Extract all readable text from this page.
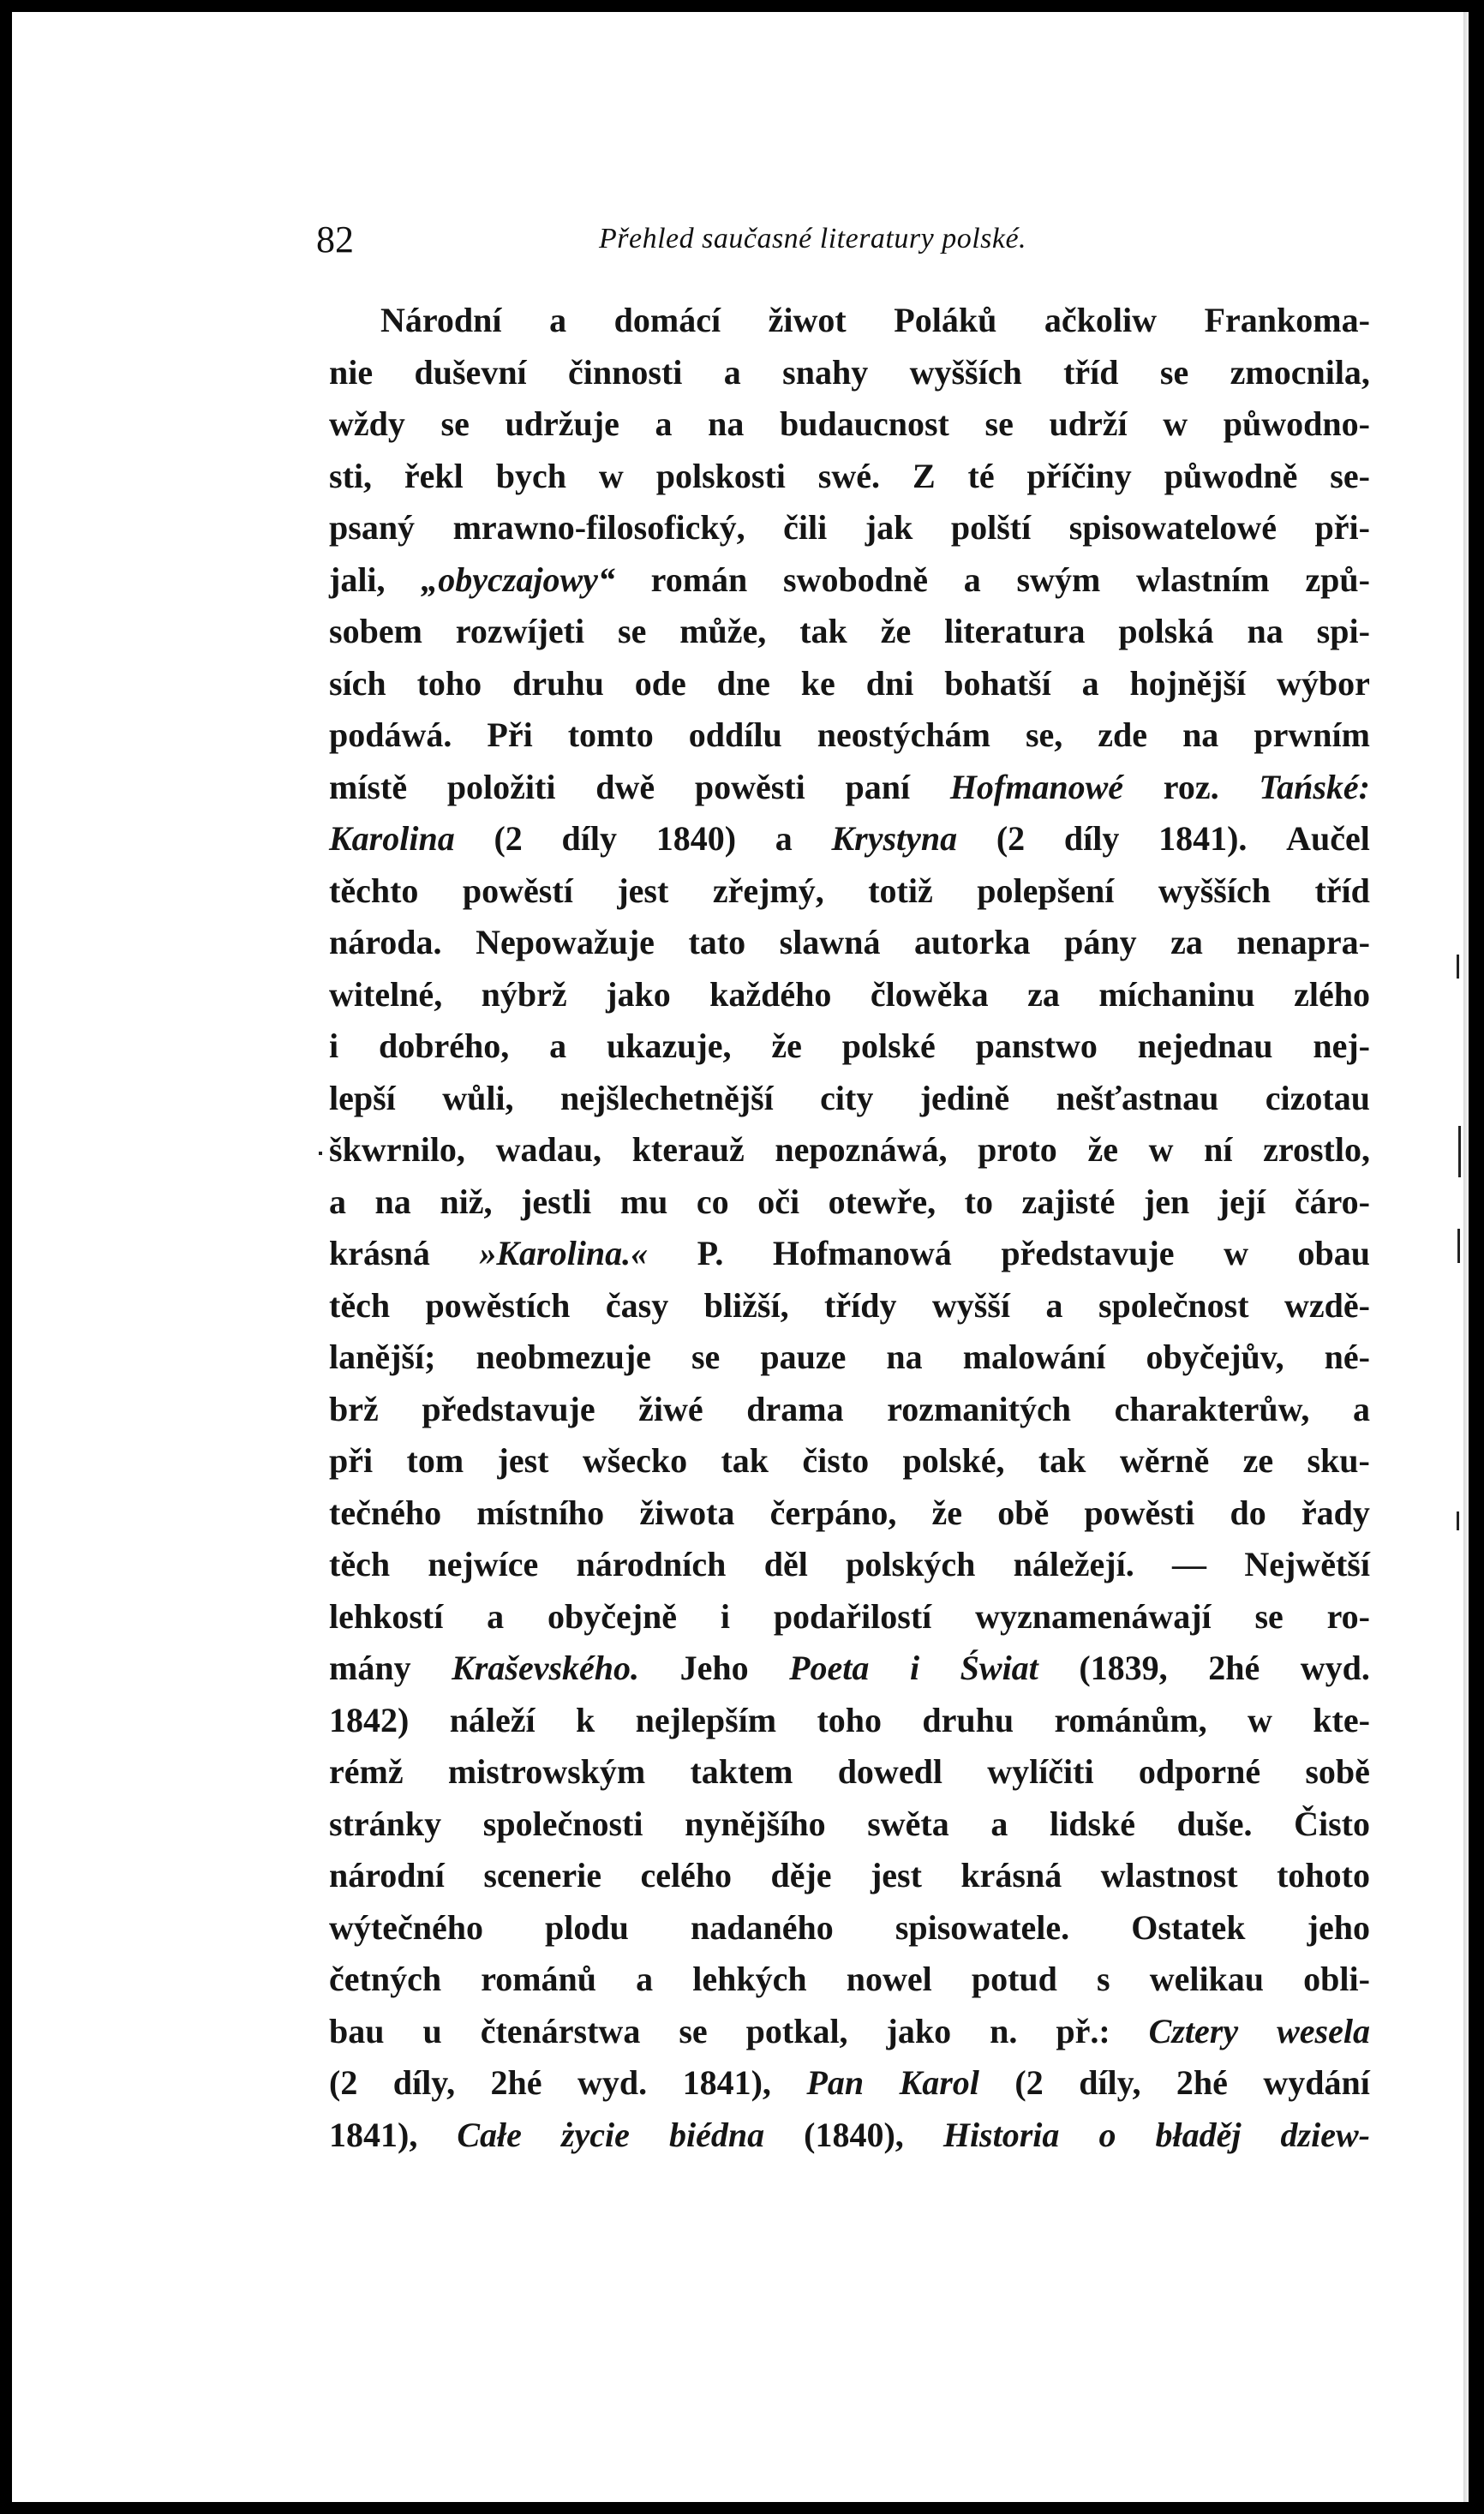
82	Přehled saučasné literatury polské.
Národní a domácí žiwot Poláků ačkoliw Frankoma-
nie duševní činnosti a snahy wyšších tříd se zmocnila,
wždy se udržuje a na budaucnost se udrží w půwodno-
sti, řekl bych w polskosti swé. Z té příčiny půwodně se-
psaný mrawno-filosofický, čili jak polští spisowatelowé při-
jali, „obyczajowy“ román swobodně a swým wlastním způ-
sobem rozwíjeti se může, tak že literatura polská na spi-
sích toho druhu ode dne ke dni bohatší a hojnější wýbor
podáwá. Při tomto oddílu neostýchám se, zde na prwním
místě položiti dwě powěsti paní Hofmanowé roz. Tańské:
Karolina (2 díly 1840) a Krystyna (2 díly 1841). Aučel
těchto powěstí jest zřejmý, totiž polepšení wyšších tříd
národa. Nepowažuje tato slawná autorka pány za nenapra-
witelné, nýbrž jako každého člowěka za míchaninu zlého
i dobrého, a ukazuje, že polské panstwo nejednau nej-
lepší wůli, nejšlechetnější city jedině nešťastnau cizotau
škwrnilo, wadau, kterauž nepoznáwá, proto že w ní zrostlo,
a na niž, jestli mu co oči otewře, to zajisté jen její čáro-
krásná »Karolina.« P. Hofmanowá představuje w obau
těch powěstích časy bližší, třídy wyšší a společnost wzdě-
lanější; neobmezuje se pauze na malowání obyčejův, né-
brž představuje žiwé drama rozmanitých charakterůw, a
při tom jest wšecko tak čisto polské, tak wěrně ze sku-
tečného místního žiwota čerpáno, že obě powěsti do řady
těch nejwíce národních děl polských náležejí. — Nejwětší
lehkostí a obyčejně i podařilostí wyznamenáwají se ro-
mány Kraševského. Jeho Poeta i Świat (1839, 2hé wyd.
1842) náleží k nejlepším toho druhu románům, w kte-
rémž mistrowským taktem dowedl wylíčiti odporné sobě
stránky společnosti nynějšího swěta a lidské duše. Čisto
národní scenerie celého děje jest krásná wlastnost tohoto
wýtečného plodu nadaného spisowatele. Ostatek jeho
četných románů a lehkých nowel potud s welikau obli-
bau u čtenárstwa se potkal, jako n. př.: Cztery wesela
(2 díly, 2hé wyd. 1841), Pan Karol (2 díly, 2hé wydání
1841), Całe życie biédna (1840), Historia o bładěj dziew-
